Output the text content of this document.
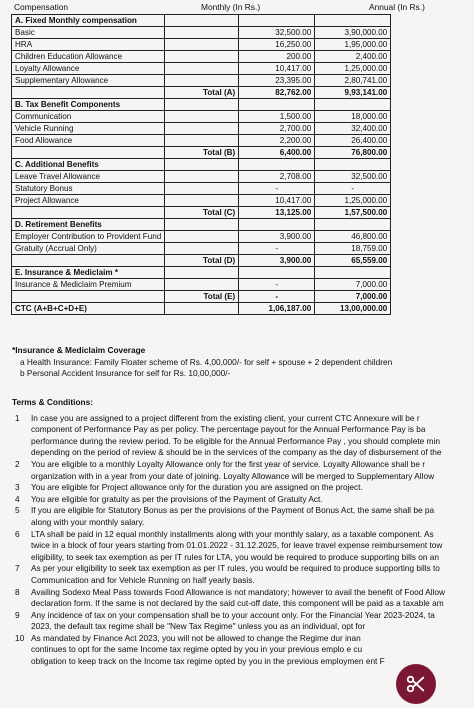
Compensation	Monthly (In Rs.)	Annual (In Rs.)
A. Fixed Monthly compensation			
Basic		32,500.00	3,90,000.00
HRA		16,250.00	1,95,000.00
Children Education Allowance		200.00	2,400.00
Loyalty Allowance		10,417.00	1,25,000.00
Supplementary Allowance		23,395.00	2,80,741.00
	Total (A)	82,762.00	9,93,141.00
B. Tax Benefit Components			
Communication		1,500.00	18,000.00
Vehicle Running		2,700.00	32,400.00
Food Allowance		2,200.00	26,400.00
	Total (B)	6,400.00	76,800.00
C. Additional Benefits			
Leave Travel Allowance		2,708.00	32,500.00
Statutory Bonus		-	-
Project Allowance		10,417.00	1,25,000.00
	Total (C)	13,125.00	1,57,500.00
D. Retirement Benefits			
Employer Contribution to Provident Fund		3,900.00	46,800.00
Gratuity (Accrual Only)		-	18,759.00
	Total (D)	3,900.00	65,559.00
E. Insurance & Mediclaim *			
Insurance & Mediclaim Premium		-	7,000.00
	Total (E)	-	7,000.00
CTC (A+B+C+D+E)		1,06,187.00	13,00,000.00
*Insurance & Mediclaim Coverage
a Health Insurance: Family Floater scheme of Rs. 4,00,000/- for self + spouse + 2 dependent children
b Personal Accident Insurance for self for Rs. 10,00,000/-
Terms & Conditions:
1 In case you are assigned to a project different from the existing client, your current CTC Annexure will be r
component of Performance Pay as per policy. The percentage payout for the Annual Performance Pay is ba
performance during the review period. To be eligible for the Annual Performance Pay , you should complete min
depending on the period of review & should be in the services of the company as the day of disbursement of the
2 You are eligible to a monthly Loyalty Allowance only for the first year of service. Loyalty Allowance shall be r
organization with in a year from your date of joining. Loyalty Allowance will be merged to Supplementary Allow
3 You are eligible for Project allowance only for the duration you are assigned on the project.
4 You are eligible for gratuity as per the provisions of the Payment of Gratuity Act.
5 If you are eligible for Statutory Bonus as per the provisions of the Payment of Bonus Act, the same shall be pa
along with your monthly salary.
6 LTA shall be paid in 12 equal monthly installments along with your monthly salary, as a taxable component. As
twice in a block of four years starting from 01.01.2022 - 31.12.2025, for leave travel expense reimbursement tow
eligibility, to seek tax exemption as per IT rules for LTA, you would be required to produce supporting bills on an
7 As per your eligibility to seek tax exemption as per IT rules, you would be required to produce supporting bills to
Communication and for Vehicle Running on half yearly basis.
8 Availing Sodexo Meal Pass towards Food Allowance is not mandatory; however to avail the benefit of Food Allow
declaration form. If the same is not declared by the said cut-off date, this component will be paid as a taxable am
9 Any incidence of tax on your compensation shall be to your account only. For the Financial Year 2023-2024, ta
2023, the default tax regime shall be "New Tax Regime" unless you as an individual, opt for
10 As mandated by Finance Act 2023, you will not be allowed to change the Regime dur inan
continues to opt for the same Income tax regime opted by you in your previous emplo e cu
obligation to keep track on the Income tax regime opted by you in the previous employmen ent F
